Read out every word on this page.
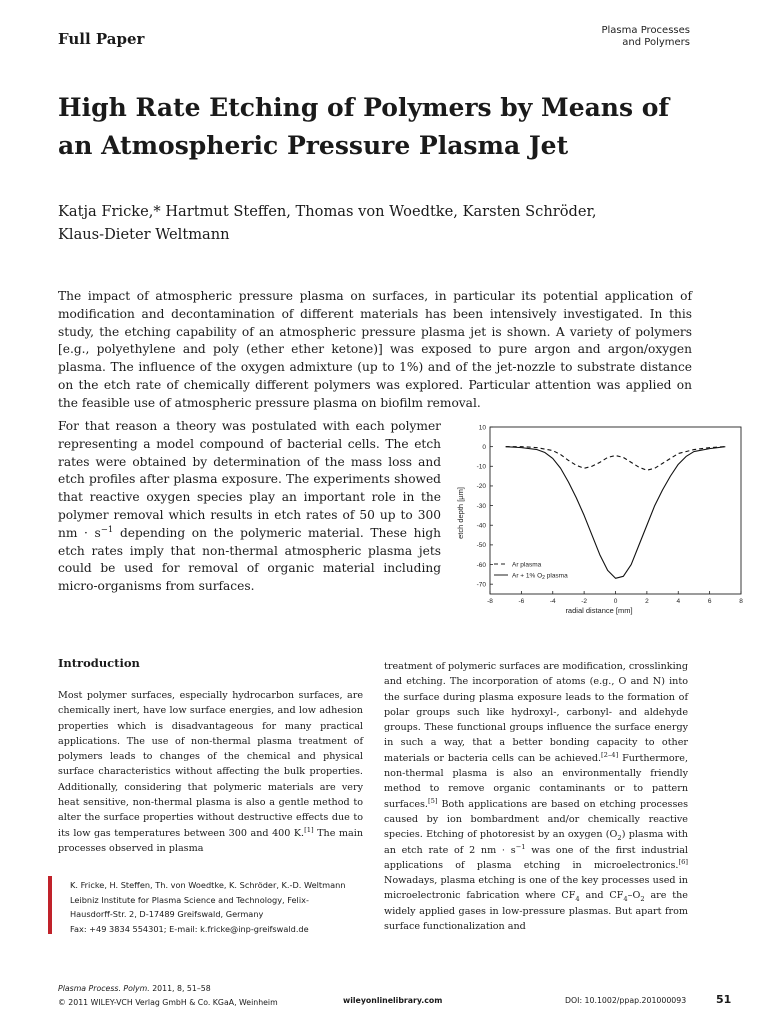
Full Paper	Plasma Processes
and Polymers
High Rate Etching of Polymers by Means of an Atmospheric Pressure Plasma Jet
Katja Fricke,* Hartmut Steffen, Thomas von Woedtke, Karsten Schröder,
Klaus-Dieter Weltmann

The impact of atmospheric pressure plasma on surfaces, in particular its potential application of modification and decontamination of different materials has been intensively investigated. In this study, the etching capability of an atmospheric pressure plasma jet is shown. A variety of polymers [e.g., polyethylene and poly (ether ether ketone)] was exposed to pure argon and argon/oxygen plasma. The influence of the oxygen admixture (up to 1%) and of the jet-nozzle to substrate distance on the etch rate of chemically different polymers was explored. Particular attention was applied on the feasible use of atmospheric pressure plasma on biofilm removal.

For that reason a theory was postulated with each polymer representing a model compound of bacterial cells. The etch rates were obtained by determination of the mass loss and etch profiles after plasma exposure. The experiments showed that reactive oxygen species play an important role in the polymer removal which results in etch rates of 50 up to 300 nm · $s^{-1}$ depending on the polymeric material. These high etch rates imply that non-thermal atmospheric plasma jets could be used for removal of organic material including micro-organisms from surfaces.

10
0
-10
-20
-30
-40
-50
-60
-70
-8	-6	-4	-2	0	2	4	6	8
etch depth [µm]
radial distance [mm]
Ar plasma
Ar + 1% $O_2$ plasma
Introduction

Most polymer surfaces, especially hydrocarbon surfaces, are chemically inert, have low surface energies, and low adhesion properties which is disadvantageous for many practical applications. The use of non-thermal plasma treatment of polymers leads to changes of the chemical and physical surface characteristics without affecting the bulk properties. Additionally, considering that polymeric materials are very heat sensitive, non-thermal plasma is also a gentle method to alter the surface properties without destructive effects due to its low gas temperatures between 300 and 400 K.[1] The main processes observed in plasma

treatment of polymeric surfaces are modification, crosslinking and etching. The incorporation of atoms (e.g., O and N) into the surface during plasma exposure leads to the formation of polar groups such like hydroxyl-, carbonyl- and aldehyde groups. These functional groups influence the surface energy in such a way, that a better bonding capacity to other materials or bacteria cells can be achieved.[2–4] Furthermore, non-thermal plasma is also an environmentally friendly method to remove organic contaminants or to pattern surfaces.[5] Both applications are based on etching processes caused by ion bombardment and/or chemically reactive species. Etching of photoresist by an oxygen $(O_2)$ plasma with an etch rate of 2 nm · $s^{-1}$ was one of the first industrial applications of plasma etching in microelectronics.[6] Nowadays, plasma etching is one of the key processes used in microelectronic fabrication where $CF_4$ and $CF_4-O_2$ are the widely applied gases in low-pressure plasmas. But apart from surface functionalization and

K. Fricke, H. Steffen, Th. von Woedtke, K. Schröder, K.-D. Weltmann
Leibniz Institute for Plasma Science and Technology, Felix-
Hausdorff-Str. 2, D-17489 Greifswald, Germany
Fax: +49 3834 554301; E-mail: k.fricke@inp-greifswald.de
Plasma Process. Polym. 2011, 8, 51–58
© 2011 WILEY-VCH Verlag GmbH & Co. KGaA, Weinheim	wileyonlinelibrary.com	DOI: 10.1002/ppap.201000093	51
